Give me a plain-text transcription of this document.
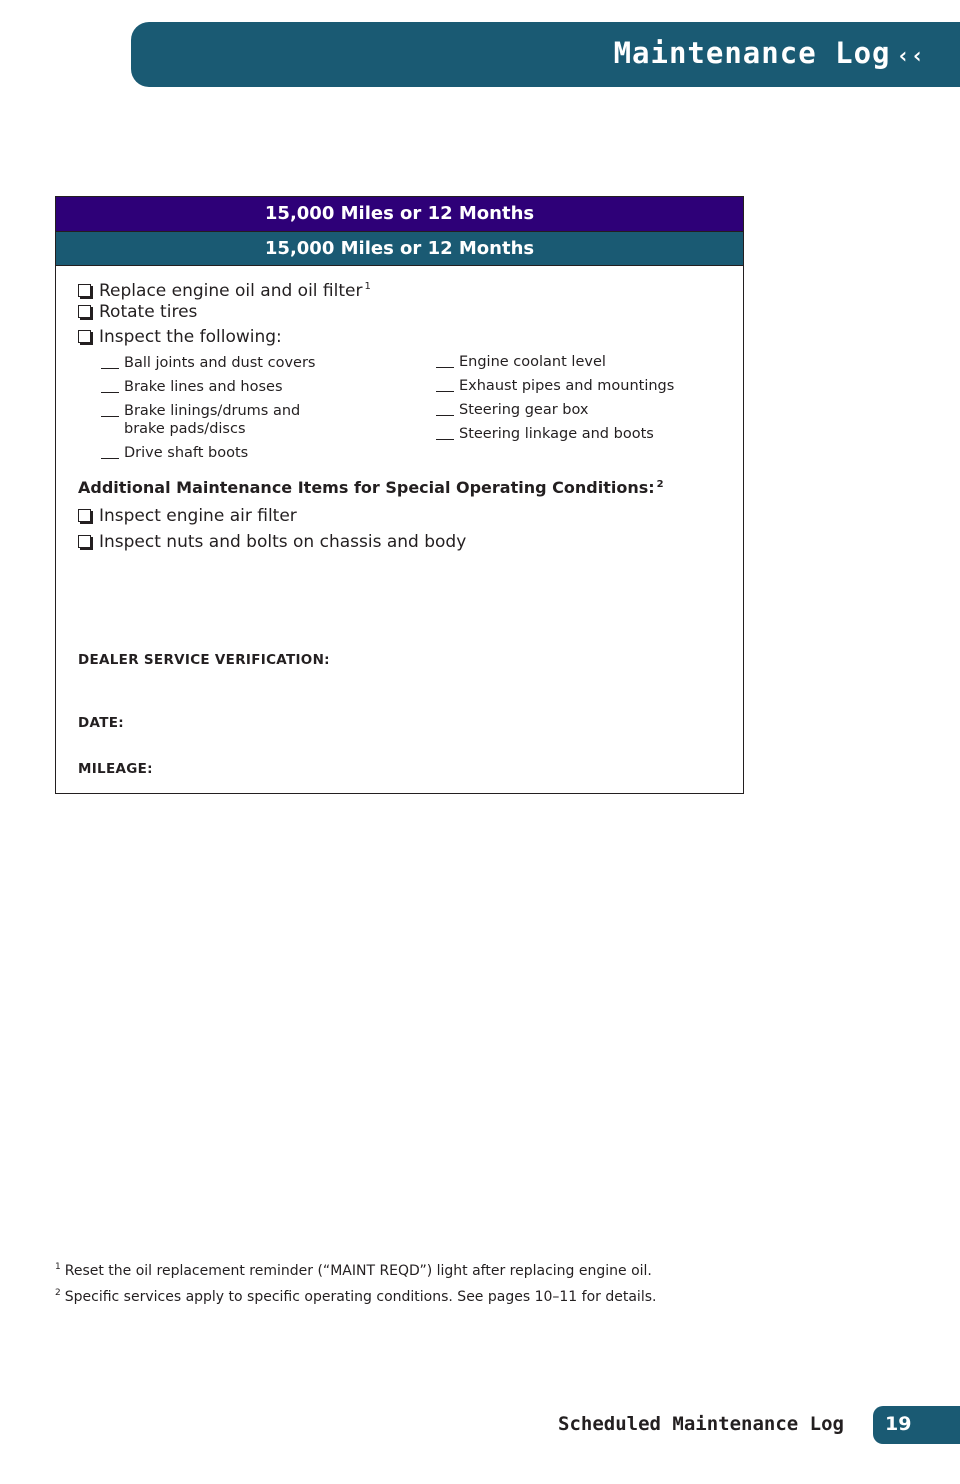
Maintenance Log ‹‹
15,000 Miles or 12 Months
15,000 Miles or 12 Months
Replace engine oil and oil filter $^1$
Rotate tires
Inspect the following:
Ball joints and dust covers
Brake lines and hoses
Brake linings/drums and
brake pads/discs
Drive shaft boots
Engine coolant level
Exhaust pipes and mountings
Steering gear box
Steering linkage and boots
Additional Maintenance Items for Special Operating Conditions: $^2$
Inspect engine air filter
Inspect nuts and bolts on chassis and body
DEALER SERVICE VERIFICATION:
DATE:
MILEAGE:
$^1$ Reset the oil replacement reminder (“MAINT REQD”) light after replacing engine oil.
$^2$ Specific services apply to specific operating conditions. See pages 10–11 for details.
Scheduled Maintenance Log 19
